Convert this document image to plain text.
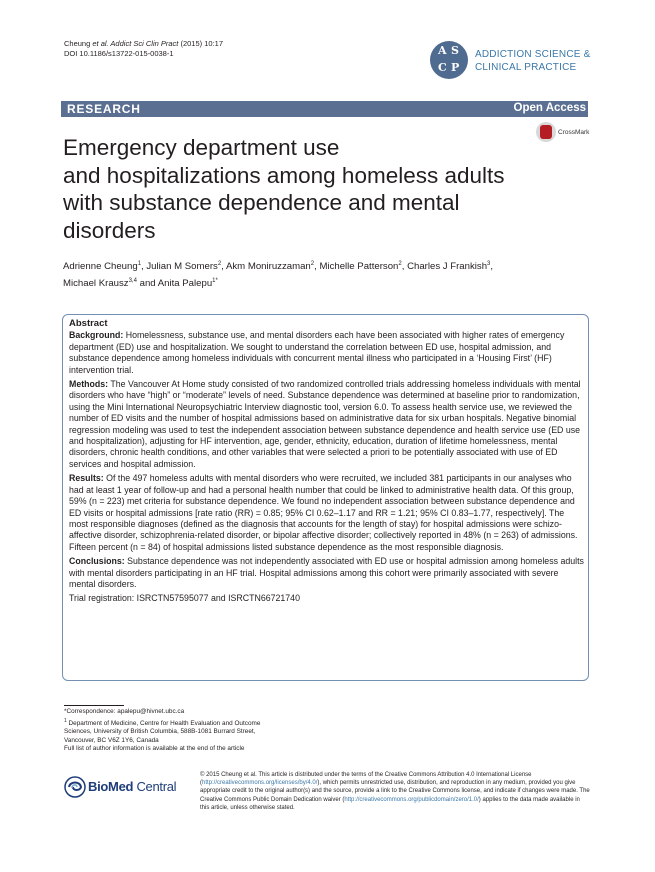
Cheung et al. Addict Sci Clin Pract (2015) 10:17
DOI 10.1186/s13722-015-0038-1	A S
C P
ADDICTION SCIENCE &
CLINICAL PRACTICE
RESEARCH	Open Access
CrossMark
Emergency department use
and hospitalizations among homeless adults
with substance dependence and mental
disorders
Adrienne Cheung$^1$, Julian M Somers$^2$, Akm Moniruzzaman$^2$, Michelle Patterson$^2$, Charles J Frankish$^3$,
Michael Krausz$^{3,4}$ and Anita Palepu$^{1*}$
Abstract

Background: Homelessness, substance use, and mental disorders each have been associated with higher rates of emergency department (ED) use and hospitalization. We sought to understand the correlation between ED use, hospital admission, and substance dependence among homeless individuals with concurrent mental illness who participated in a ‘Housing First’ (HF) intervention trial.

Methods: The Vancouver At Home study consisted of two randomized controlled trials addressing homeless individuals with mental disorders who have “high” or “moderate” levels of need. Substance dependence was determined at baseline prior to randomization, using the Mini International Neuropsychiatric Interview diagnostic tool, version 6.0. To assess health service use, we reviewed the number of ED visits and the number of hospital admissions based on administrative data for six urban hospitals. Negative binomial regression modeling was used to test the independent association between substance dependence and health service use (ED use and hospitalization), adjusting for HF intervention, age, gender, ethnicity, education, duration of lifetime homelessness, mental disorders, chronic health conditions, and other variables that were selected a priori to be potentially associated with use of ED services and hospital admission.

Results: Of the 497 homeless adults with mental disorders who were recruited, we included 381 participants in our analyses who had at least 1 year of follow-up and had a personal health number that could be linked to administrative health data. Of this group, 59% (n = 223) met criteria for substance dependence. We found no independent association between substance dependence and ED visits or hospital admissions [rate ratio (RR) = 0.85; 95% CI 0.62–1.17 and RR = 1.21; 95% CI 0.83–1.77, respectively]. The most responsible diagnoses (defined as the diagnosis that accounts for the length of stay) for hospital admissions were schizo-affective disorder, schizophrenia-related disorder, or bipolar affective disorder; collectively reported in 48% (n = 263) of admissions. Fifteen percent (n = 84) of hospital admissions listed substance dependence as the most responsible diagnosis.

Conclusions: Substance dependence was not independently associated with ED use or hospital admission among homeless adults with mental disorders participating in an HF trial. Hospital admissions among this cohort were primarily associated with severe mental disorders.

Trial registration: ISRCTN57595077 and ISRCTN66721740

*Correspondence: apalepu@hivnet.ubc.ca
$^1$ Department of Medicine, Centre for Health Evaluation and Outcome
Sciences, University of British Columbia, 588B-1081 Burrard Street,
Vancouver, BC V6Z 1Y6, Canada
Full list of author information is available at the end of the article
BioMed Central
© 2015 Cheung et al. This article is distributed under the terms of the Creative Commons Attribution 4.0 International License (http://creativecommons.org/licenses/by/4.0/), which permits unrestricted use, distribution, and reproduction in any medium, provided you give appropriate credit to the original author(s) and the source, provide a link to the Creative Commons license, and indicate if changes were made. The Creative Commons Public Domain Dedication waiver (http://creativecommons.org/publicdomain/zero/1.0/) applies to the data made available in this article, unless otherwise stated.
